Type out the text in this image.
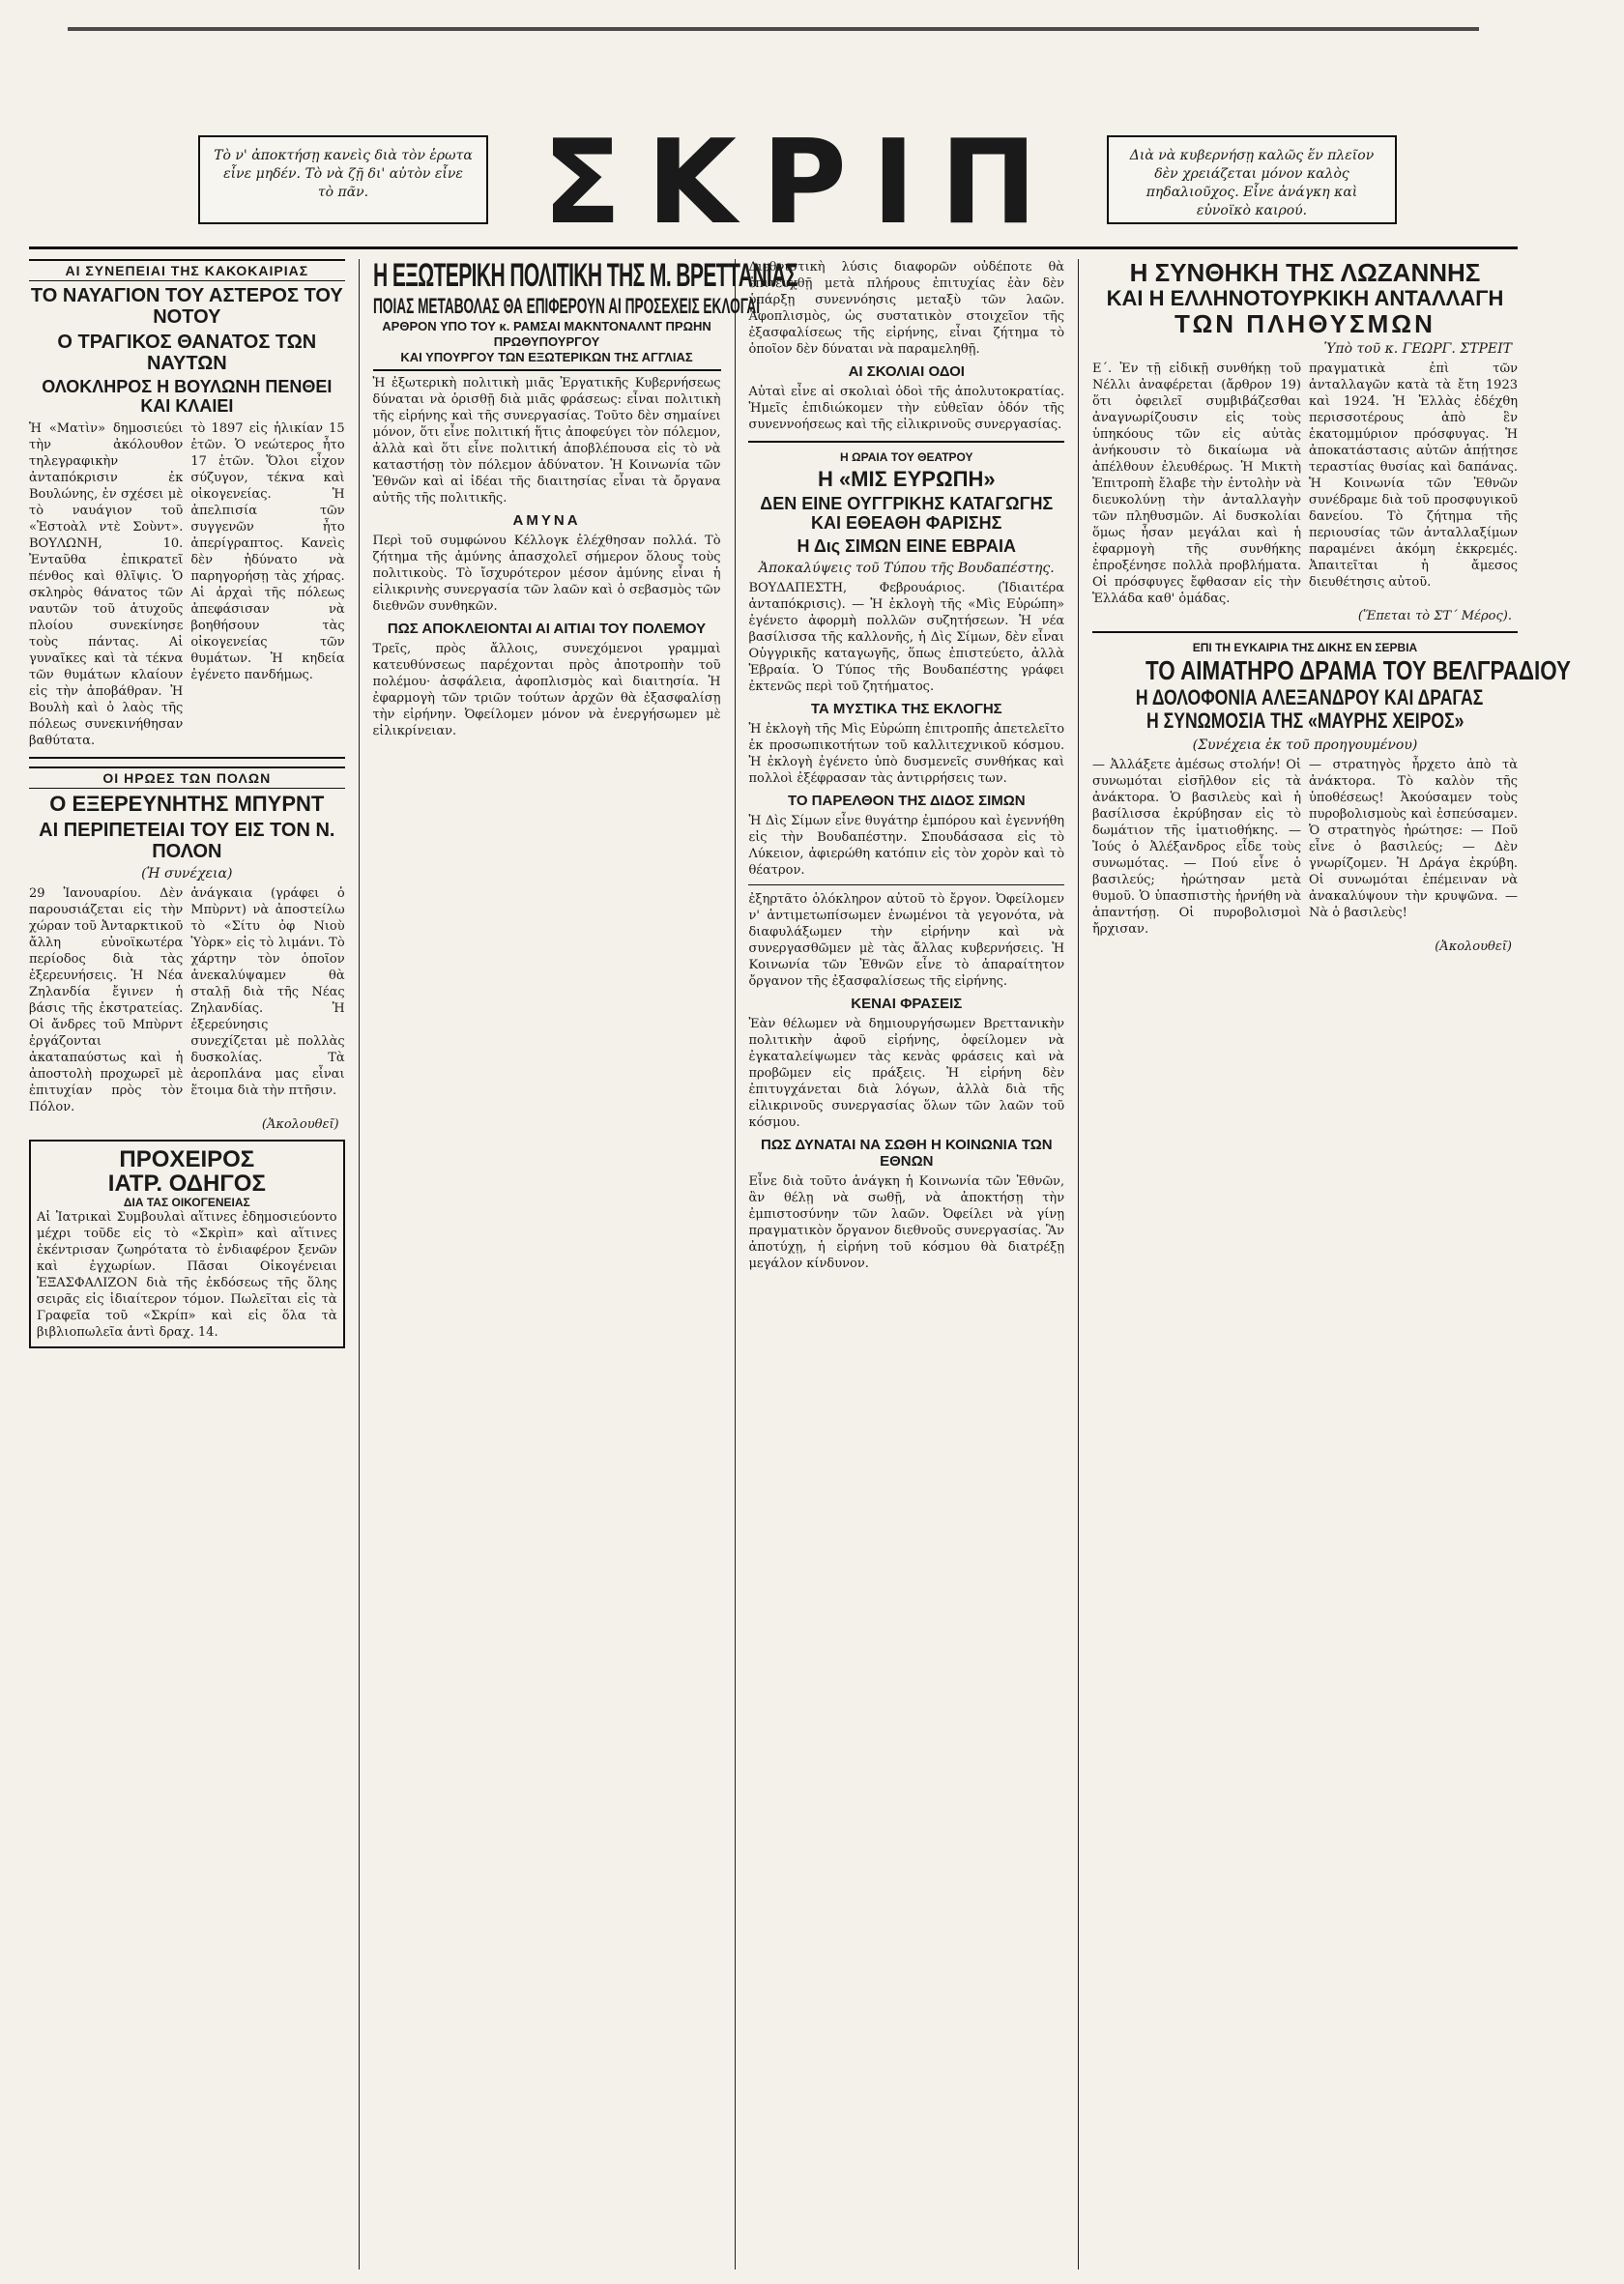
Τὸ ν' ἀποκτήσῃ κανεὶς διὰ τὸν ἑρωτα εἶνε μηδέν. Τὸ νὰ ζῇ δι' αὐτὸν εἶνε τὸ πᾶν.	ΣΚΡΙΠ	Διὰ νὰ κυβερνήσῃ καλῶς ἕν πλεῖον δὲν χρειάζεται μόνον καλὸς πηδαλιοῦχος. Εἶνε ἀνάγκη καὶ εὐνοϊκὸ καιρού.
ΑΙ ΣΥΝΕΠΕΙΑΙ ΤΗΣ ΚΑΚΟΚΑΙΡΙΑΣ
ΤΟ ΝΑΥΑΓΙΟΝ ΤΟΥ ΑΣΤΕΡΟΣ ΤΟΥ ΝΟΤΟΥ
Ο ΤΡΑΓΙΚΟΣ ΘΑΝΑΤΟΣ ΤΩΝ ΝΑΥΤΩΝ
ΟΛΟΚΛΗΡΟΣ Η ΒΟΥΛΩΝΗ ΠΕΝΘΕΙ ΚΑΙ ΚΛΑΙΕΙ
Ἡ «Ματὶν» δημοσιεύει τὴν ἀκόλουθον τηλεγραφικὴν ἀνταπόκρισιν ἐκ Βουλώνης, ἐν σχέσει μὲ τὸ ναυάγιον τοῦ «Ἐστοὰλ ντὲ Σοὺντ». ΒΟΥΛΩΝΗ, 10. Ἐνταῦθα ἐπικρατεῖ πένθος καὶ θλῖψις. Ὁ σκληρὸς θάνατος τῶν ναυτῶν τοῦ ἀτυχοῦς πλοίου συνεκίνησε τοὺς πάντας. Αἱ γυναῖκες καὶ τὰ τέκνα τῶν θυμάτων κλαίουν εἰς τὴν ἀποβάθραν. Ἡ Βουλὴ καὶ ὁ λαὸς τῆς πόλεως συνεκινήθησαν βαθύτατα.
τὸ 1897 εἰς ἡλικίαν 15 ἐτῶν. Ὁ νεώτερος ἦτο 17 ἐτῶν. Ὅλοι εἶχον σύζυγον, τέκνα καὶ οἰκογενείας. Ἡ ἀπελπισία τῶν συγγενῶν ἦτο ἀπερίγραπτος. Κανεὶς δὲν ἠδύνατο νὰ παρηγορήσῃ τὰς χήρας. Αἱ ἀρχαὶ τῆς πόλεως ἀπεφάσισαν νὰ βοηθήσουν τὰς οἰκογενείας τῶν θυμάτων. Ἡ κηδεία ἐγένετο πανδήμως.
ΟΙ ΗΡΩΕΣ ΤΩΝ ΠΟΛΩΝ
Ο ΕΞΕΡΕΥΝΗΤΗΣ ΜΠΥΡΝΤ
ΑΙ ΠΕΡΙΠΕΤΕΙΑΙ ΤΟΥ ΕΙΣ ΤΟΝ Ν. ΠΟΛΟΝ
(Ἡ συνέχεια)
29 Ἰανουαρίου. Δὲν παρουσιάζεται εἰς τὴν χώραν τοῦ Ἀνταρκτικοῦ ἄλλη εὐνοϊκωτέρα περίοδος διὰ τὰς ἐξερευνήσεις. Ἡ Νέα Ζηλανδία ἔγινεν ἡ βάσις τῆς ἐκστρατείας. Οἱ ἄνδρες τοῦ Μπὺρντ ἐργάζονται ἀκαταπαύστως καὶ ἡ ἀποστολὴ προχωρεῖ μὲ ἐπιτυχίαν πρὸς τὸν Πόλον.
ἀνάγκαια (γράφει ὁ Μπὺρντ) νὰ ἀποστείλω τὸ «Σίτυ ὀφ Νιοὺ Ὑὸρκ» εἰς τὸ λιμάνι. Τὸ χάρτην τὸν ὁποῖον ἀνεκαλύψαμεν θὰ σταλῇ διὰ τῆς Νέας Ζηλανδίας. Ἡ ἐξερεύνησις συνεχίζεται μὲ πολλὰς δυσκολίας. Τὰ ἀεροπλάνα μας εἶναι ἕτοιμα διὰ τὴν πτῆσιν.
(Ἀκολουθεῖ)
ΠΡΟΧΕΙΡΟΣ
ΙΑΤΡ. ΟΔΗΓΟΣ
ΔΙΑ ΤΑΣ ΟΙΚΟΓΕΝΕΙΑΣ
Αἱ Ἰατρικαὶ Συμβουλαὶ αἵτινες ἐδημοσιεύοντο μέχρι τοῦδε εἰς τὸ «Σκρὶπ» καὶ αἵτινες ἐκέντρισαν ζωηρότατα τὸ ἐνδιαφέρον ξενῶν καὶ ἐγχωρίων. Πᾶσαι Οἰκογένειαι ἘΞΑΣΦΑΛΙΖΟΝ διὰ τῆς ἐκδόσεως τῆς ὅλης σειρᾶς εἰς ἰδιαίτερον τόμον. Πωλεῖται εἰς τὰ Γραφεῖα τοῦ «Σκρίπ» καὶ εἰς ὅλα τὰ βιβλιοπωλεῖα ἀντὶ δραχ. 14.
Η ΕΞΩΤΕΡΙΚΗ ΠΟΛΙΤΙΚΗ ΤΗΣ Μ. ΒΡΕΤΤΑΝΙΑΣ
ΠΟΙΑΣ ΜΕΤΑΒΟΛΑΣ ΘΑ ΕΠΙΦΕΡΟΥΝ ΑΙ ΠΡΟΣΕΧΕΙΣ ΕΚΛΟΓΑΙ
ΑΡΘΡΟΝ ΥΠΟ ΤΟΥ κ. ΡΑΜΣΑΙ ΜΑΚΝΤΟΝΑΛΝΤ ΠΡΩΗΝ ΠΡΩΘΥΠΟΥΡΓΟΥ
ΚΑΙ ΥΠΟΥΡΓΟΥ ΤΩΝ ΕΞΩΤΕΡΙΚΩΝ ΤΗΣ ΑΓΓΛΙΑΣ
Ἡ ἐξωτερικὴ πολιτικὴ μιᾶς Ἐργατικῆς Κυβερνήσεως δύναται νὰ ὁρισθῇ διὰ μιᾶς φράσεως: εἶναι πολιτικὴ τῆς εἰρήνης καὶ τῆς συνεργασίας. Τοῦτο δὲν σημαίνει μόνον, ὅτι εἶνε πολιτική ἥτις ἀποφεύγει τὸν πόλεμον, ἀλλὰ καὶ ὅτι εἶνε πολιτική ἀποβλέπουσα εἰς τὸ νὰ καταστήσῃ τὸν πόλεμον ἀδύνατον. Ἡ Κοινωνία τῶν Ἐθνῶν καὶ αἱ ἰδέαι τῆς διαιτησίας εἶναι τὰ ὄργανα αὐτῆς τῆς πολιτικῆς.
ΑΜΥΝΑ
Περὶ τοῦ συμφώνου Κέλλογκ ἐλέχθησαν πολλά. Τὸ ζήτημα τῆς ἀμύνης ἀπασχολεῖ σήμερον ὅλους τοὺς πολιτικοὺς. Τὸ ἴσχυρότερον μέσον ἀμύνης εἶναι ἡ εἰλικρινὴς συνεργασία τῶν λαῶν καὶ ὁ σεβασμὸς τῶν διεθνῶν συνθηκῶν.
ΠΩΣ ΑΠΟΚΛΕΙΟΝΤΑΙ ΑΙ ΑΙΤΙΑΙ ΤΟΥ ΠΟΛΕΜΟΥ
Τρεῖς, πρὸς ἄλλοις, συνεχόμενοι γραμμαὶ κατευθύνσεως παρέχονται πρὸς ἀποτροπὴν τοῦ πολέμου· ἀσφάλεια, ἀφοπλισμὸς καὶ διαιτησία. Ἡ ἐφαρμογὴ τῶν τριῶν τούτων ἀρχῶν θὰ ἐξασφαλίσῃ τὴν εἰρήνην. Ὀφείλομεν μόνον νὰ ἐνεργήσωμεν μὲ εἰλικρίνειαν.
Διεθνιστικὴ λύσις διαφορῶν οὐδέποτε θὰ ἐπιτευχθῇ μετὰ πλήρους ἐπιτυχίας ἐὰν δὲν ὑπάρξῃ συνεννόησις μεταξὺ τῶν λαῶν. Ἀφοπλισμὸς, ὡς συστατικὸν στοιχεῖον τῆς ἐξασφαλίσεως τῆς εἰρήνης, εἶναι ζήτημα τὸ ὁποῖον δὲν δύναται νὰ παραμεληθῇ.
ΑΙ ΣΚΟΛΙΑΙ ΟΔΟΙ
Αὐταὶ εἶνε αἱ σκολιαὶ ὁδοὶ τῆς ἀπολυτοκρατίας. Ἡμεῖς ἐπιδιώκομεν τὴν εὐθεῖαν ὁδόν τῆς συνεννοήσεως καὶ τῆς εἰλικρινοῦς συνεργασίας.
Η ΩΡΑΙΑ ΤΟΥ ΘΕΑΤΡΟΥ
Η «ΜΙΣ ΕΥΡΩΠΗ»
ΔΕΝ ΕΙΝΕ ΟΥΓΓΡΙΚΗΣ ΚΑΤΑΓΩΓΗΣ ΚΑΙ ΕΘΕΑΘΗ ΦΑΡΙΣΗΣ
Η Δις ΣΙΜΩΝ ΕΙΝΕ ΕΒΡΑΙΑ
Ἀποκαλύψεις τοῦ Τύπου τῆς Βουδαπέστης.
ΒΟΥΔΑΠΕΣΤΗ, Φεβρουάριος. (Ἰδιαιτέρα ἀνταπόκρισις). — Ἡ ἐκλογὴ τῆς «Μὶς Εὐρώπη» ἐγένετο ἀφορμὴ πολλῶν συζητήσεων. Ἡ νέα βασίλισσα τῆς καλλονῆς, ἡ Δὶς Σίμων, δὲν εἶναι Οὑγγρικῆς καταγωγῆς, ὅπως ἐπιστεύετο, ἀλλὰ Ἑβραία. Ὁ Τύπος τῆς Βουδαπέστης γράφει ἐκτενῶς περὶ τοῦ ζητήματος.
ΤΑ ΜΥΣΤΙΚΑ ΤΗΣ ΕΚΛΟΓΗΣ
Ἡ ἐκλογὴ τῆς Μὶς Εὐρώπη ἐπιτροπῆς ἀπετελεῖτο ἐκ προσωπικοτήτων τοῦ καλλιτεχνικοῦ κόσμου. Ἡ ἐκλογὴ ἐγένετο ὑπὸ δυσμενεῖς συνθήκας καὶ πολλοὶ ἐξέφρασαν τὰς ἀντιρρήσεις των.
ΤΟ ΠΑΡΕΛΘΟΝ ΤΗΣ ΔΙΔΟΣ ΣΙΜΩΝ
Ἡ Δὶς Σίμων εἶνε θυγάτηρ ἐμπόρου καὶ ἐγεννήθη εἰς τὴν Βουδαπέστην. Σπουδάσασα εἰς τὸ Λύκειον, ἀφιερώθη κατόπιν εἰς τὸν χορὸν καὶ τὸ θέατρον.
ἐξηρτᾶτο ὁλόκληρον αὐτοῦ τὸ ἔργον. Ὀφείλομεν ν' ἀντιμετωπίσωμεν ἐνωμένοι τὰ γεγονότα, νὰ διαφυλάξωμεν τὴν εἰρήνην καὶ νὰ συνεργασθῶμεν μὲ τὰς ἄλλας κυβερνήσεις. Ἡ Κοινωνία τῶν Ἐθνῶν εἶνε τὸ ἀπαραίτητον ὄργανον τῆς ἐξασφαλίσεως τῆς εἰρήνης.
ΚΕΝΑΙ ΦΡΑΣΕΙΣ
Ἐὰν θέλωμεν νὰ δημιουργήσωμεν Βρεττανικὴν πολιτικὴν ἀφοῦ εἰρήνης, ὀφείλομεν νὰ ἐγκαταλείψωμεν τὰς κενὰς φράσεις καὶ νὰ προβῶμεν εἰς πράξεις. Ἡ εἰρήνη δὲν ἐπιτυγχάνεται διὰ λόγων, ἀλλὰ διὰ τῆς εἰλικρινοῦς συνεργασίας ὅλων τῶν λαῶν τοῦ κόσμου.
ΠΩΣ ΔΥΝΑΤΑΙ ΝΑ ΣΩΘΗ Η ΚΟΙΝΩΝΙΑ ΤΩΝ ΕΘΝΩΝ
Εἶνε διὰ τοῦτο ἀνάγκη ἡ Κοινωνία τῶν Ἐθνῶν, ἂν θέλῃ νὰ σωθῇ, νὰ ἀποκτήσῃ τὴν ἐμπιστοσύνην τῶν λαῶν. Ὀφείλει νὰ γίνῃ πραγματικὸν ὄργανον διεθνοῦς συνεργασίας. Ἂν ἀποτύχῃ, ἡ εἰρήνη τοῦ κόσμου θὰ διατρέξῃ μεγάλον κίνδυνον.
Η ΣΥΝΘΗΚΗ ΤΗΣ ΛΩΖΑΝΝΗΣ
ΚΑΙ Η ΕΛΛΗΝΟΤΟΥΡΚΙΚΗ ΑΝΤΑΛΛΑΓΗ
ΤΩΝ ΠΛΗΘΥΣΜΩΝ
Ὑπὸ τοῦ κ. ΓΕΩΡΓ. ΣΤΡΕΙΤ
Ε΄. Ἐν τῇ εἰδικῇ συνθήκῃ τοῦ Νέλλι ἀναφέρεται (ἄρθρον 19) ὅτι ὀφειλεῖ συμβιβάζεσθαι ἀναγνωρίζουσιν εἰς τοὺς ὑπηκόους τῶν εἰς αὐτὰς ἀνήκουσιν τὸ δικαίωμα νὰ ἀπέλθουν ἐλευθέρως. Ἡ Μικτὴ Ἐπιτροπὴ ἔλαβε τὴν ἐντολὴν νὰ διευκολύνῃ τὴν ἀνταλλαγὴν τῶν πληθυσμῶν. Αἱ δυσκολίαι ὅμως ἦσαν μεγάλαι καὶ ἡ ἐφαρμογὴ τῆς συνθήκης ἐπροξένησε πολλὰ προβλήματα. Οἱ πρόσφυγες ἔφθασαν εἰς τὴν Ἑλλάδα καθ' ὁμάδας.
πραγματικὰ ἐπὶ τῶν ἀνταλλαγῶν κατὰ τὰ ἔτη 1923 καὶ 1924. Ἡ Ἑλλὰς ἐδέχθη περισσοτέρους ἀπὸ ἓν ἑκατομμύριον πρόσφυγας. Ἡ ἀποκατάστασις αὐτῶν ἀπῄτησε τεραστίας θυσίας καὶ δαπάνας. Ἡ Κοινωνία τῶν Ἐθνῶν συνέδραμε διὰ τοῦ προσφυγικοῦ δανείου. Τὸ ζήτημα τῆς περιουσίας τῶν ἀνταλλαξίμων παραμένει ἀκόμη ἐκκρεμές. Ἀπαιτεῖται ἡ ἄμεσος διευθέτησις αὐτοῦ.
(Ἕπεται τὸ ΣΤ΄ Μέρος).
ΕΠΙ ΤΗ ΕΥΚΑΙΡΙΑ ΤΗΣ ΔΙΚΗΣ ΕΝ ΣΕΡΒΙΑ
ΤΟ ΑΙΜΑΤΗΡΟ ΔΡΑΜΑ ΤΟΥ ΒΕΛΓΡΑΔΙΟΥ
Η ΔΟΛΟΦΟΝΙΑ ΑΛΕΞΑΝΔΡΟΥ ΚΑΙ ΔΡΑΓΑΣ
Η ΣΥΝΩΜΟΣΙΑ ΤΗΣ «ΜΑΥΡΗΣ ΧΕΙΡΟΣ»
(Συνέχεια ἐκ τοῦ προηγουμένου)
— Ἀλλάξετε ἀμέσως στολήν! Οἱ συνωμόται εἰσῆλθον εἰς τὰ ἀνάκτορα. Ὁ βασιλεὺς καὶ ἡ βασίλισσα ἐκρύβησαν εἰς τὸ δωμάτιον τῆς ἱματιοθήκης. — Ἰούς ὁ Ἀλέξανδρος εἶδε τοὺς συνωμότας. — Πού εἶνε ὁ βασιλεύς; ἠρώτησαν μετὰ θυμοῦ. Ὁ ὑπασπιστὴς ἠρνήθη νὰ ἀπαντήσῃ. Οἱ πυροβολισμοὶ ἤρχισαν.
— στρατηγὸς ἦρχετο ἀπὸ τὰ ἀνάκτορα. Τὸ καλὸν τῆς ὑποθέσεως! Ἀκούσαμεν τοὺς πυροβολισμοὺς καὶ ἐσπεύσαμεν. Ὁ στρατηγὸς ἠρώτησε: — Ποῦ εἶνε ὁ βασιλεύς; — Δὲν γνωρίζομεν. Ἡ Δράγα ἐκρύβη. Οἱ συνωμόται ἐπέμειναν νὰ ἀνακαλύψουν τὴν κρυψῶνα. — Νὰ ὁ βασιλεὺς!
(Ἀκολουθεῖ)
